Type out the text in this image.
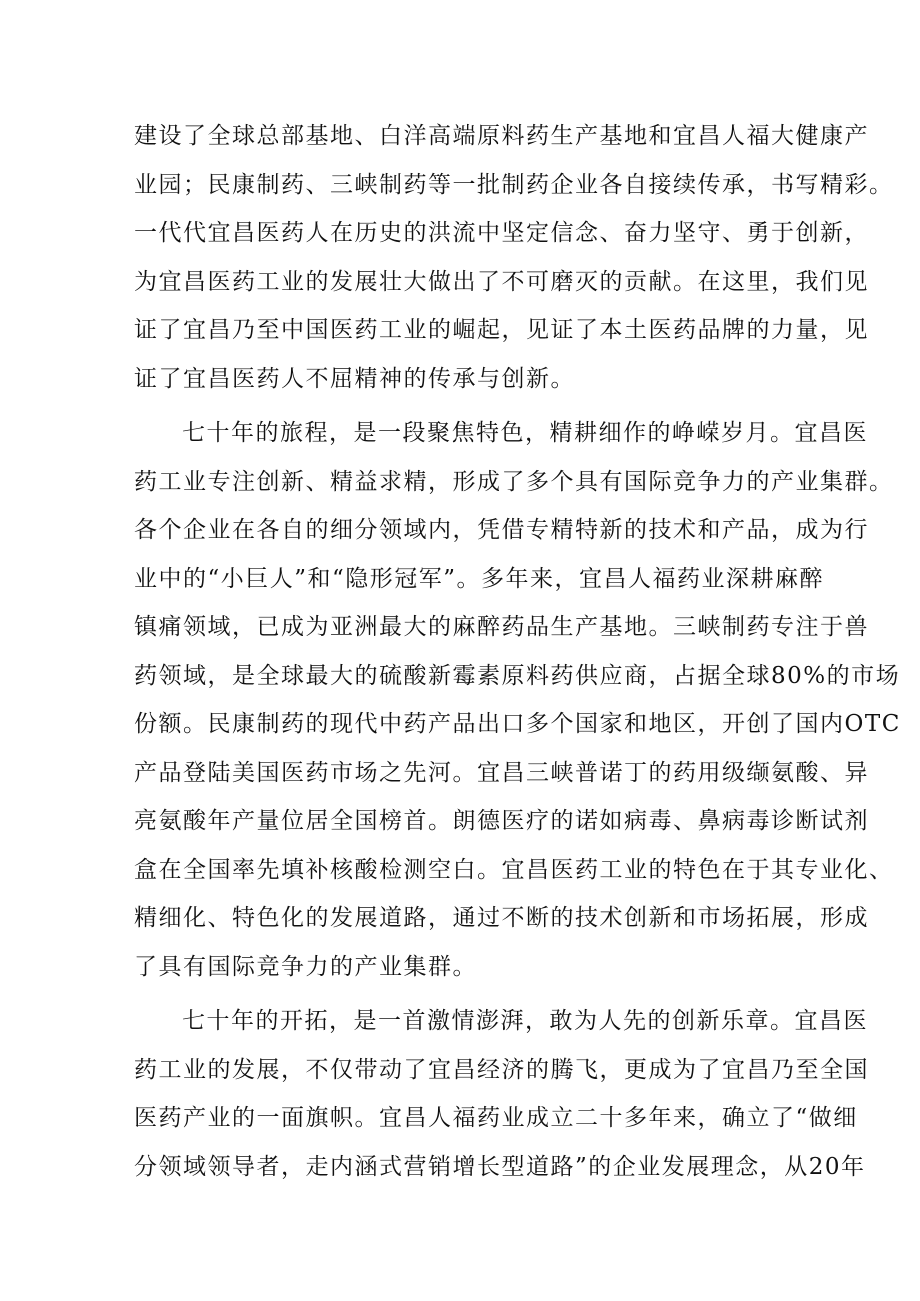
建设了全球总部基地、白洋高端原料药生产基地和宜昌人福大健康产
业园；民康制药、三峡制药等一批制药企业各自接续传承，书写精彩。
一代代宜昌医药人在历史的洪流中坚定信念、奋力坚守、勇于创新，
为宜昌医药工业的发展壮大做出了不可磨灭的贡献。在这里，我们见
证了宜昌乃至中国医药工业的崛起，见证了本土医药品牌的力量，见
证了宜昌医药人不屈精神的传承与创新。

七十年的旅程，是一段聚焦特色，精耕细作的峥嵘岁月。宜昌医
药工业专注创新、精益求精，形成了多个具有国际竞争力的产业集群。
各个企业在各自的细分领域内，凭借专精特新的技术和产品，成为行
业中的“小巨人”和“隐形冠军”。多年来，宜昌人福药业深耕麻醉
镇痛领域，已成为亚洲最大的麻醉药品生产基地。三峡制药专注于兽
药领域，是全球最大的硫酸新霉素原料药供应商，占据全球80%的市场
份额。民康制药的现代中药产品出口多个国家和地区，开创了国内OTC
产品登陆美国医药市场之先河。宜昌三峡普诺丁的药用级缬氨酸、异
亮氨酸年产量位居全国榜首。朗德医疗的诺如病毒、鼻病毒诊断试剂
盒在全国率先填补核酸检测空白。宜昌医药工业的特色在于其专业化、
精细化、特色化的发展道路，通过不断的技术创新和市场拓展，形成
了具有国际竞争力的产业集群。

七十年的开拓，是一首激情澎湃，敢为人先的创新乐章。宜昌医
药工业的发展，不仅带动了宜昌经济的腾飞，更成为了宜昌乃至全国
医药产业的一面旗帜。宜昌人福药业成立二十多年来，确立了“做细
分领域领导者，走内涵式营销增长型道路”的企业发展理念，从20年
